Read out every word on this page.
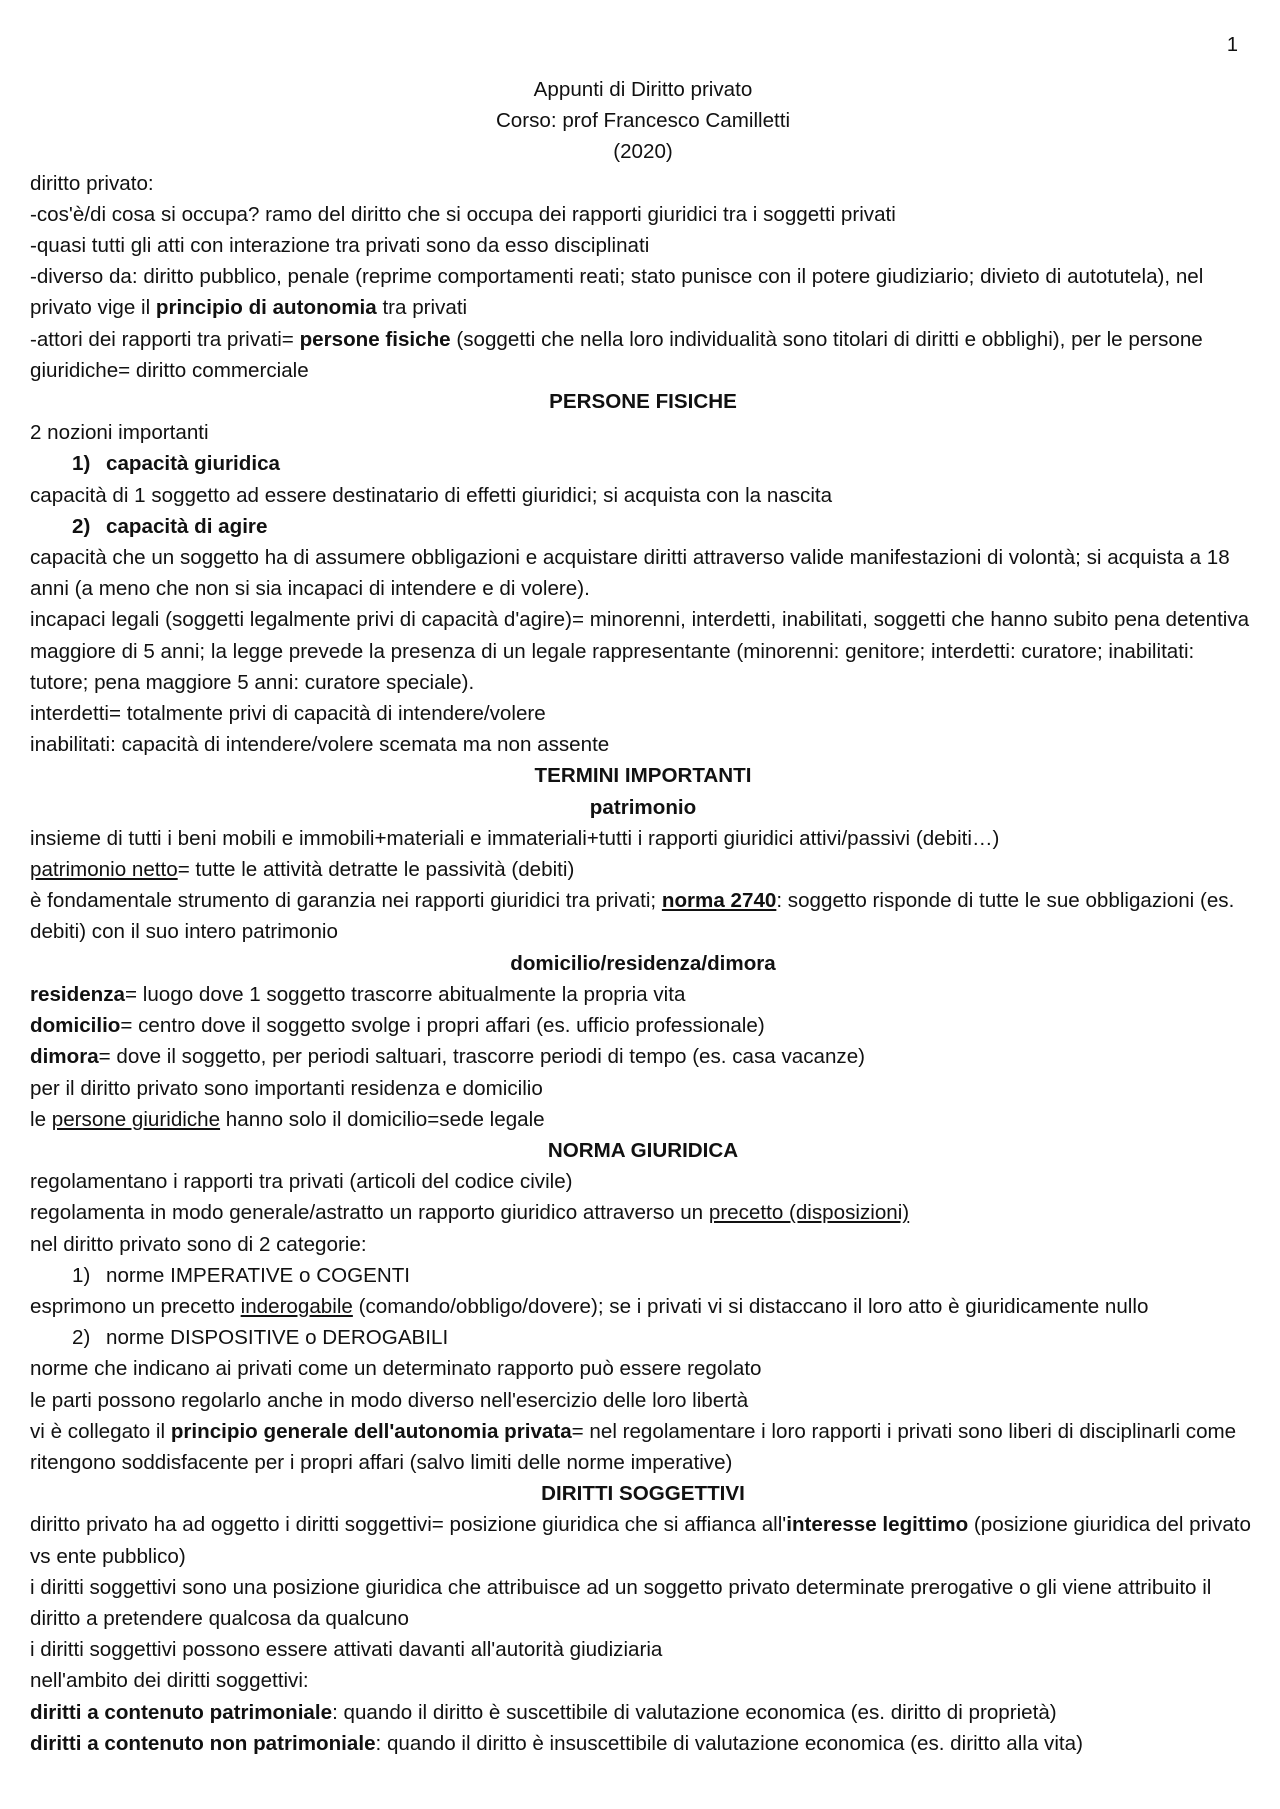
1

Appunti di Diritto privato

Corso: prof Francesco Camilletti

(2020)

diritto privato:

-cos'è/di cosa si occupa? ramo del diritto che si occupa dei rapporti giuridici tra i soggetti privati

-quasi tutti gli atti con interazione tra privati sono da esso disciplinati

-diverso da: diritto pubblico, penale (reprime comportamenti reati; stato punisce con il potere giudiziario; divieto di autotutela), nel privato vige il principio di autonomia tra privati

-attori dei rapporti tra privati= persone fisiche (soggetti che nella loro individualità sono titolari di diritti e obblighi), per le persone giuridiche= diritto commerciale

PERSONE FISICHE

2 nozioni importanti

1) capacità giuridica

capacità di 1 soggetto ad essere destinatario di effetti giuridici; si acquista con la nascita

2) capacità di agire

capacità che un soggetto ha di assumere obbligazioni e acquistare diritti attraverso valide manifestazioni di volontà; si acquista a 18 anni (a meno che non si sia incapaci di intendere e di volere).

incapaci legali (soggetti legalmente privi di capacità d'agire)= minorenni, interdetti, inabilitati, soggetti che hanno subito pena detentiva maggiore di 5 anni; la legge prevede la presenza di un legale rappresentante (minorenni: genitore; interdetti: curatore; inabilitati: tutore; pena maggiore 5 anni: curatore speciale).

interdetti= totalmente privi di capacità di intendere/volere

inabilitati: capacità di intendere/volere scemata ma non assente

TERMINI IMPORTANTI
patrimonio

insieme di tutti i beni mobili e immobili+materiali e immateriali+tutti i rapporti giuridici attivi/passivi (debiti…)

patrimonio netto= tutte le attività detratte le passività (debiti)

è fondamentale strumento di garanzia nei rapporti giuridici tra privati; norma 2740: soggetto risponde di tutte le sue obbligazioni (es. debiti) con il suo intero patrimonio

domicilio/residenza/dimora

residenza= luogo dove 1 soggetto trascorre abitualmente la propria vita

domicilio= centro dove il soggetto svolge i propri affari (es. ufficio professionale)

dimora= dove il soggetto, per periodi saltuari, trascorre periodi di tempo (es. casa vacanze)

per il diritto privato sono importanti residenza e domicilio

le persone giuridiche hanno solo il domicilio=sede legale

NORMA GIURIDICA

regolamentano i rapporti tra privati (articoli del codice civile)

regolamenta in modo generale/astratto un rapporto giuridico attraverso un precetto (disposizioni)

nel diritto privato sono di 2 categorie:

1) norme IMPERATIVE o COGENTI

esprimono un precetto inderogabile (comando/obbligo/dovere); se i privati vi si distaccano il loro atto è giuridicamente nullo

2) norme DISPOSITIVE o DEROGABILI

norme che indicano ai privati come un determinato rapporto può essere regolato

le parti possono regolarlo anche in modo diverso nell'esercizio delle loro libertà

vi è collegato il principio generale dell'autonomia privata= nel regolamentare i loro rapporti i privati sono liberi di disciplinarli come ritengono soddisfacente per i propri affari (salvo limiti delle norme imperative)

DIRITTI SOGGETTIVI

diritto privato ha ad oggetto i diritti soggettivi= posizione giuridica che si affianca all'interesse legittimo (posizione giuridica del privato vs ente pubblico)

i diritti soggettivi sono una posizione giuridica che attribuisce ad un soggetto privato determinate prerogative o gli viene attribuito il diritto a pretendere qualcosa da qualcuno

i diritti soggettivi possono essere attivati davanti all'autorità giudiziaria

nell'ambito dei diritti soggettivi:

diritti a contenuto patrimoniale: quando il diritto è suscettibile di valutazione economica (es. diritto di proprietà)

diritti a contenuto non patrimoniale: quando il diritto è insuscettibile di valutazione economica (es. diritto alla vita)
